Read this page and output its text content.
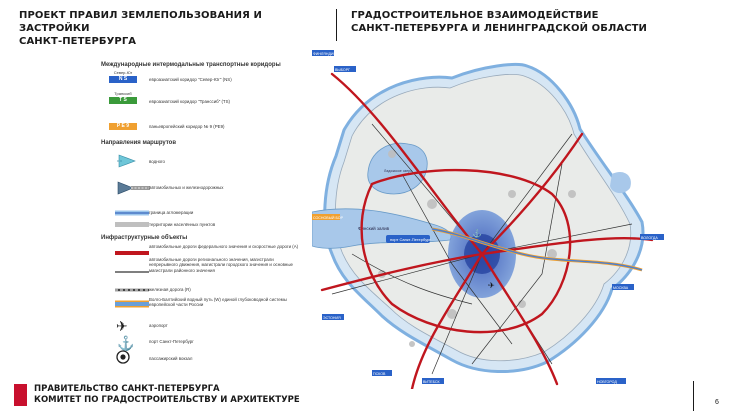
ПРОЕКТ ПРАВИЛ ЗЕМЛЕПОЛЬЗОВАНИЯ И ЗАСТРОЙКИ
САНКТ-ПЕТЕРБУРГА
ГРАДОСТРОИТЕЛЬНОЕ ВЗАИМОДЕЙСТВИЕ
САНКТ-ПЕТЕРБУРГА И ЛЕНИНГРАДСКОЙ ОБЛАСТИ
Международные интермодальные транспортные коридоры
Север-Юг
N S	евроазиатский коридор "Север-Юг" (NS)
Транссиб
T S	евроазиатский коридор "Транссиб" (TS)
P E 9	паньевропейский коридор № 9 (PE9)
Направления маршрутов
водного
автомобильных и железнодорожных
граница агломерации
территории населённых пунктов
Инфраструктурные объекты
автомобильные дороги федерального значения и скоростные дороги (А)
автомобильные дороги регионального значения, магистрали непрерывного движения, магистрали городского значения и основные магистрали районного значения
железная дорога (R)
Волго-Балтийский водный путь (W) единой глубоководной системы европейской части России
✈	аэропорт
⚓	порт Санкт-Петербург
пассажирский вокзал
Ладожское озеро
Финский залив
порт Санкт-Петербург
ФИНЛЯНДИЯ
ВЫБОРГ
СОСНОВЫЙ БОР
ЭСТОНИЯ
ВОЛОГДА
МОСКВА
ПСКОВ
ВИТЕБСК	НОВГОРОД
⚓
✈
ПРАВИТЕЛЬСТВО САНКТ-ПЕТЕРБУРГА
КОМИТЕТ ПО ГРАДОСТРОИТЕЛЬСТВУ И АРХИТЕКТУРЕ	6
